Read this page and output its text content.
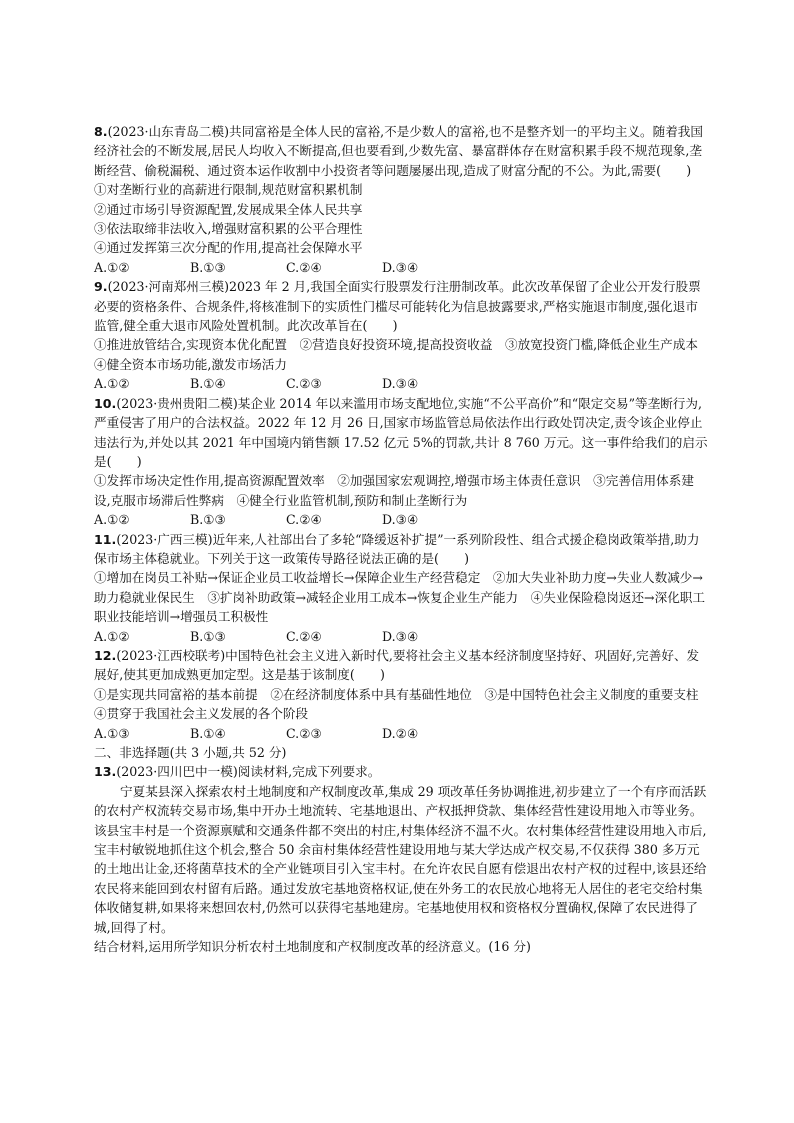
8.(2023·山东青岛二模)共同富裕是全体人民的富裕,不是少数人的富裕,也不是整齐划一的平均主义。随着我国经济社会的不断发展,居民人均收入不断提高,但也要看到,少数先富、暴富群体存在财富积累手段不规范现象,垄断经营、偷税漏税、通过资本运作收割中小投资者等问题屡屡出现,造成了财富分配的不公。为此,需要(　　)

①对垄断行业的高薪进行限制,规范财富积累机制

②通过市场引导资源配置,发展成果全体人民共享

③依法取缔非法收入,增强财富积累的公平合理性

④通过发挥第三次分配的作用,提高社会保障水平

A.①②	B.①③	C.②④	D.③④

9.(2023·河南郑州三模)2023 年 2 月,我国全面实行股票发行注册制改革。此次改革保留了企业公开发行股票必要的资格条件、合规条件,将核准制下的实质性门槛尽可能转化为信息披露要求,严格实施退市制度,强化退市监管,健全重大退市风险处置机制。此次改革旨在(　　)

①推进放管结合,实现资本优化配置　②营造良好投资环境,提高投资收益　③放宽投资门槛,降低企业生产成本　④健全资本市场功能,激发市场活力

A.①②	B.①④	C.②③	D.③④

10.(2023·贵州贵阳二模)某企业 2014 年以来滥用市场支配地位,实施“不公平高价”和“限定交易”等垄断行为,严重侵害了用户的合法权益。2022 年 12 月 26 日,国家市场监管总局依法作出行政处罚决定,责令该企业停止违法行为,并处以其 2021 年中国境内销售额 17.52 亿元 5%的罚款,共计 8 760 万元。这一事件给我们的启示是(　　)

①发挥市场决定性作用,提高资源配置效率　②加强国家宏观调控,增强市场主体责任意识　③完善信用体系建设,克服市场滞后性弊病　④健全行业监管机制,预防和制止垄断行为

A.①②	B.①③	C.②④	D.③④

11.(2023·广西三模)近年来,人社部出台了多轮“降缓返补扩提”一系列阶段性、组合式援企稳岗政策举措,助力保市场主体稳就业。下列关于这一政策传导路径说法正确的是(　　)

①增加在岗员工补贴→保证企业员工收益增长→保障企业生产经营稳定　②加大失业补助力度→失业人数减少→助力稳就业保民生　③扩岗补助政策→减轻企业用工成本→恢复企业生产能力　④失业保险稳岗返还→深化职工职业技能培训→增强员工积极性

A.①②	B.①③	C.②④	D.③④

12.(2023·江西校联考)中国特色社会主义进入新时代,要将社会主义基本经济制度坚持好、巩固好,完善好、发展好,使其更加成熟更加定型。这是基于该制度(　　)

①是实现共同富裕的基本前提　②在经济制度体系中具有基础性地位　③是中国特色社会主义制度的重要支柱　④贯穿于我国社会主义发展的各个阶段

A.①③	B.①④	C.②③	D.②④

二、非选择题(共 3 小题,共 52 分)

13.(2023·四川巴中一模)阅读材料,完成下列要求。

宁夏某县深入探索农村土地制度和产权制度改革,集成 29 项改革任务协调推进,初步建立了一个有序而活跃的农村产权流转交易市场,集中开办土地流转、宅基地退出、产权抵押贷款、集体经营性建设用地入市等业务。该县宝丰村是一个资源禀赋和交通条件都不突出的村庄,村集体经济不温不火。农村集体经营性建设用地入市后,宝丰村敏锐地抓住这个机会,整合 50 余亩村集体经营性建设用地与某大学达成产权交易,不仅获得 380 多万元的土地出让金,还将菌草技术的全产业链项目引入宝丰村。在允许农民自愿有偿退出农村产权的过程中,该县还给农民将来能回到农村留有后路。通过发放宅基地资格权证,使在外务工的农民放心地将无人居住的老宅交给村集体收储复耕,如果将来想回农村,仍然可以获得宅基地建房。宅基地使用权和资格权分置确权,保障了农民进得了城,回得了村。

结合材料,运用所学知识分析农村土地制度和产权制度改革的经济意义。(16 分)
